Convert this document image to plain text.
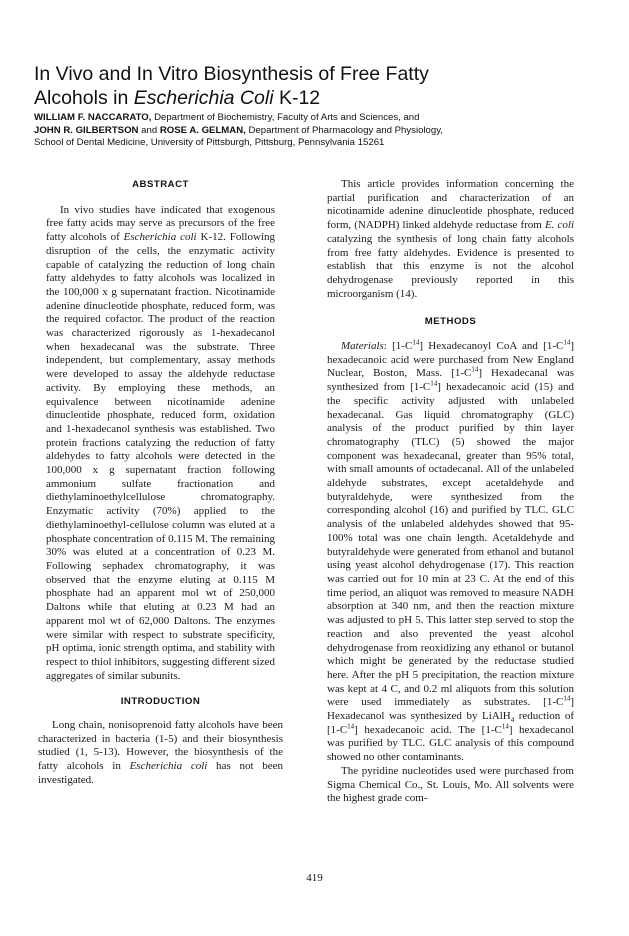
In Vivo and In Vitro Biosynthesis of Free Fatty
Alcohols in Escherichia Coli K-12
WILLIAM F. NACCARATO, Department of Biochemistry, Faculty of Arts and Sciences, and
JOHN R. GILBERTSON and ROSE A. GELMAN, Department of Pharmacology and Physiology,
School of Dental Medicine, University of Pittsburgh, Pittsburg, Pennsylvania 15261
ABSTRACT

In vivo studies have indicated that exogenous free fatty acids may serve as precursors of the free fatty alcohols of Escherichia coli K-12. Following disruption of the cells, the enzymatic activity capable of catalyzing the reduction of long chain fatty aldehydes to fatty alcohols was localized in the 100,000 x g supernatant fraction. Nicotinamide adenine dinucleotide phosphate, reduced form, was the required cofactor. The product of the reaction was characterized rigorously as 1-hexadecanol when hexadecanal was the substrate. Three independent, but complementary, assay methods were developed to assay the aldehyde reductase activity. By employing these methods, an equivalence between nicotinamide adenine dinucleotide phosphate, reduced form, oxidation and 1-hexadecanol synthesis was established. Two protein fractions catalyzing the reduction of fatty aldehydes to fatty alcohols were detected in the 100,000 x g supernatant fraction following ammonium sulfate fractionation and diethylaminoethylcellulose chromatography. Enzymatic activity (70%) applied to the diethylaminoethyl-cellulose column was eluted at a phosphate concentration of 0.115 M. The remaining 30% was eluted at a concentration of 0.23 M. Following sephadex chromatography, it was observed that the enzyme eluting at 0.115 M phosphate had an apparent mol wt of 250,000 Daltons while that eluting at 0.23 M had an apparent mol wt of 62,000 Daltons. The enzymes were similar with respect to substrate specificity, pH optima, ionic strength optima, and stability with respect to thiol inhibitors, suggesting different sized aggregates of similar subunits.

INTRODUCTION

Long chain, nonisoprenoid fatty alcohols have been characterized in bacteria (1-5) and their biosynthesis studied (1, 5-13). However, the biosynthesis of the fatty alcohols in Escherichia coli has not been investigated.

This article provides information concerning the partial purification and characterization of an nicotinamide adenine dinucleotide phosphate, reduced form, (NADPH) linked aldehyde reductase from E. coli catalyzing the synthesis of long chain fatty alcohols from free fatty aldehydes. Evidence is presented to establish that this enzyme is not the alcohol dehydrogenase previously reported in this microorganism (14).

METHODS

Materials: $[1-C^{14}]$ Hexadecanoyl CoA and $[1-C^{14}]$ hexadecanoic acid were purchased from New England Nuclear, Boston, Mass. $[1-C^{14}]$ Hexadecanal was synthesized from $[1-C^{14}]$ hexadecanoic acid (15) and the specific activity adjusted with unlabeled hexadecanal. Gas liquid chromatography (GLC) analysis of the product purified by thin layer chromatography (TLC) (5) showed the major component was hexadecanal, greater than 95% total, with small amounts of octadecanal. All of the unlabeled aldehyde substrates, except acetaldehyde and butyraldehyde, were synthesized from the corresponding alcohol (16) and purified by TLC. GLC analysis of the unlabeled aldehydes showed that 95-100% total was one chain length. Acetaldehyde and butyraldehyde were generated from ethanol and butanol using yeast alcohol dehydrogenase (17). This reaction was carried out for 10 min at 23 C. At the end of this time period, an aliquot was removed to measure NADH absorption at 340 nm, and then the reaction mixture was adjusted to pH 5. This latter step served to stop the reaction and also prevented the yeast alcohol dehydrogenase from reoxidizing any ethanol or butanol which might be generated by the reductase studied here. After the pH 5 precipitation, the reaction mixture was kept at 4 C, and 0.2 ml aliquots from this solution were used immediately as substrates. $[1-C^{14}]$ Hexadecanol was synthesized by LiAlH$_4$ reduction of $[1-C^{14}]$ hexadecanoic acid. The $[1-C^{14}]$ hexadecanol was purified by TLC. GLC analysis of this compound showed no other contaminants.

The pyridine nucleotides used were purchased from Sigma Chemical Co., St. Louis, Mo. All solvents were the highest grade com-

419
